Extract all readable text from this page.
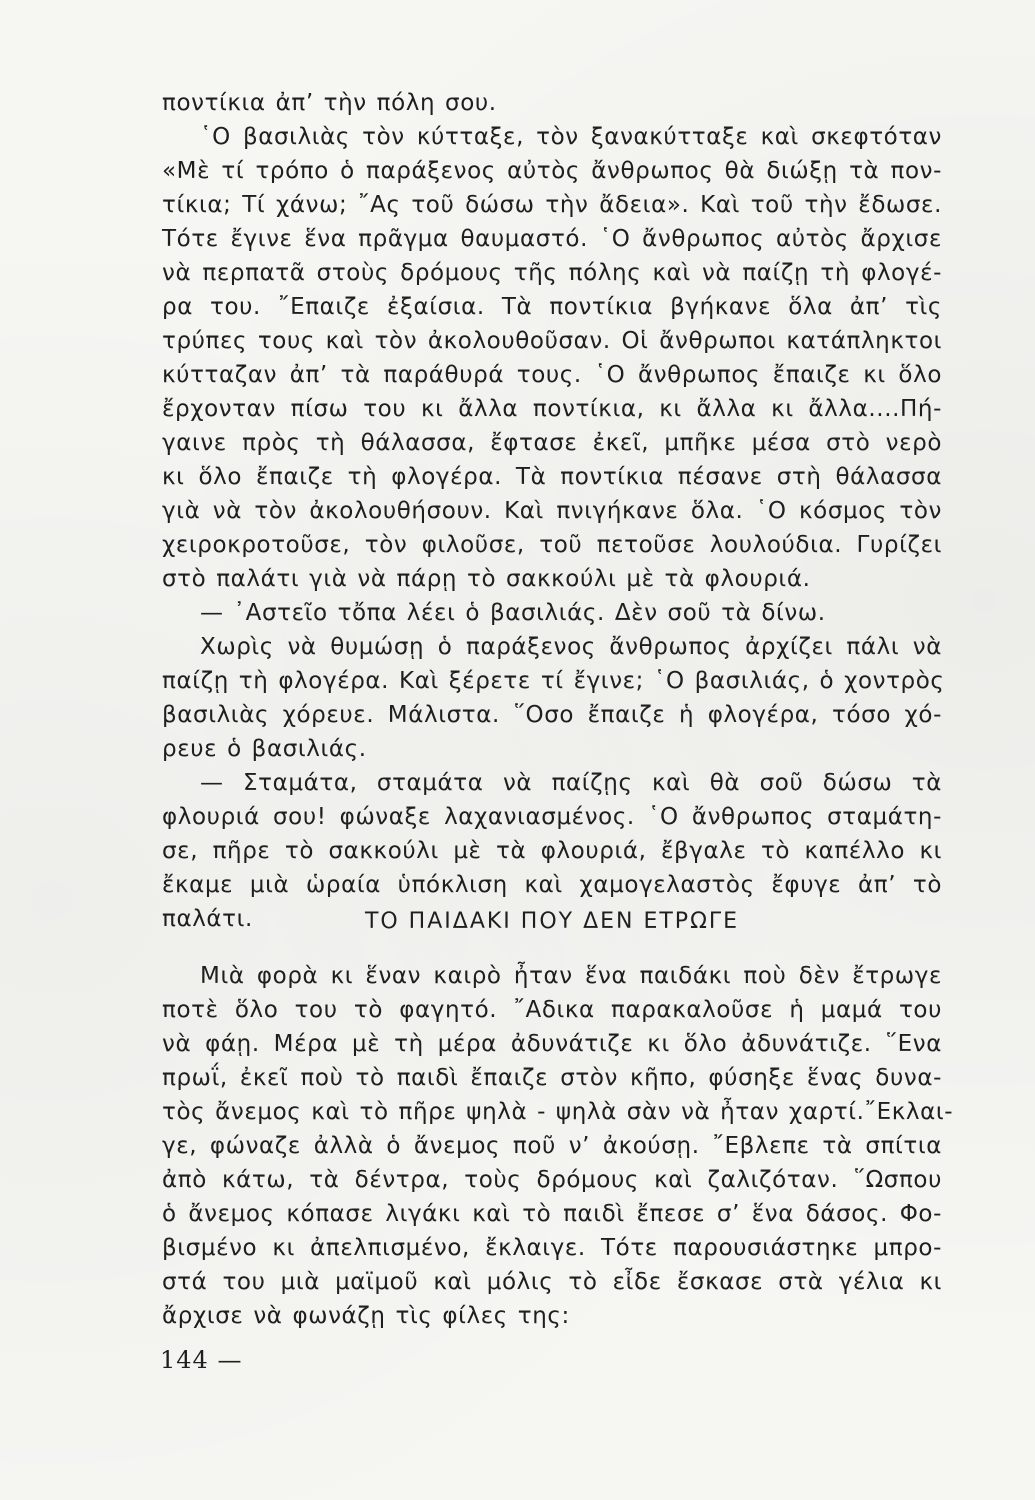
ποντίκια ἀπ’ τὴν πόλη σου.
῾Ο βασιλιὰς τὸν κύτταξε, τὸν ξανακύτταξε καὶ σκεφτόταν
«Μὲ τί τρόπο ὁ παράξενος αὐτὸς ἄνθρωπος θὰ διώξῃ τὰ πον-
τίκια; Τί χάνω; ῎Ας τοῦ δώσω τὴν ἄδεια». Καὶ τοῦ τὴν ἔδωσε.
Τότε ἔγινε ἕνα πρᾶγμα θαυμαστό. ῾Ο ἄνθρωπος αὐτὸς ἄρχισε
νὰ περπατᾶ στοὺς δρόμους τῆς πόλης καὶ νὰ παίζῃ τὴ φλογέ-
ρα του. ῎Επαιζε ἐξαίσια. Τὰ ποντίκια βγήκανε ὅλα ἀπ’ τὶς
τρύπες τους καὶ τὸν ἀκολουθοῦσαν. Οἱ ἄνθρωποι κατάπληκτοι
κύτταζαν ἀπ’ τὰ παράθυρά τους. ῾Ο ἄνθρωπος ἔπαιζε κι ὅλο
ἔρχονταν πίσω του κι ἄλλα ποντίκια, κι ἄλλα κι ἄλλα....Πή-
γαινε πρὸς τὴ θάλασσα, ἔφτασε ἐκεῖ, μπῆκε μέσα στὸ νερὸ
κι ὅλο ἔπαιζε τὴ φλογέρα. Τὰ ποντίκια πέσανε στὴ θάλασσα
γιὰ νὰ τὸν ἀκολουθήσουν. Καὶ πνιγήκανε ὅλα. ῾Ο κόσμος τὸν
χειροκροτοῦσε, τὸν φιλοῦσε, τοῦ πετοῦσε λουλούδια. Γυρίζει
στὸ παλάτι γιὰ νὰ πάρῃ τὸ σακκούλι μὲ τὰ φλουριά.
— ᾿Αστεῖο τὄπα λέει ὁ βασιλιάς. Δὲν σοῦ τὰ δίνω.
Χωρὶς νὰ θυμώσῃ ὁ παράξενος ἄνθρωπος ἀρχίζει πάλι νὰ
παίζῃ τὴ φλογέρα. Καὶ ξέρετε τί ἔγινε; ῾Ο βασιλιάς, ὁ χοντρὸς
βασιλιὰς χόρευε. Μάλιστα. ῞Οσο ἔπαιζε ἡ φλογέρα, τόσο χό-
ρευε ὁ βασιλιάς.
— Σταμάτα, σταμάτα νὰ παίζῃς καὶ θὰ σοῦ δώσω τὰ
φλουριά σου! φώναξε λαχανιασμένος. ῾Ο ἄνθρωπος σταμάτη-
σε, πῆρε τὸ σακκούλι μὲ τὰ φλουριά, ἔβγαλε τὸ καπέλλο κι
ἔκαμε μιὰ ὡραία ὑπόκλιση καὶ χαμογελαστὸς ἔφυγε ἀπ’ τὸ
παλάτι.	ΤΟ ΠΑΙΔΑΚΙ ΠΟΥ ΔΕΝ ΕΤΡΩΓΕ
Μιὰ φορὰ κι ἕναν καιρὸ ἦταν ἕνα παιδάκι ποὺ δὲν ἔτρωγε
ποτὲ ὅλο του τὸ φαγητό. ῎Αδικα παρακαλοῦσε ἡ μαμά του
νὰ φάῃ. Μέρα μὲ τὴ μέρα ἀδυνάτιζε κι ὅλο ἀδυνάτιζε. ῞Ενα
πρωΐ, ἐκεῖ ποὺ τὸ παιδὶ ἔπαιζε στὸν κῆπο, φύσηξε ἕνας δυνα-
τὸς ἄνεμος καὶ τὸ πῆρε ψηλὰ - ψηλὰ σὰν νὰ ἦταν χαρτί.῎Εκλαι-
γε, φώναζε ἀλλὰ ὁ ἄνεμος ποῦ ν’ ἀκούσῃ. ῎Εβλεπε τὰ σπίτια
ἀπὸ κάτω, τὰ δέντρα, τοὺς δρόμους καὶ ζαλιζόταν. ῞Ωσπου
ὁ ἄνεμος κόπασε λιγάκι καὶ τὸ παιδὶ ἔπεσε σ’ ἕνα δάσος. Φο-
βισμένο κι ἀπελπισμένο, ἔκλαιγε. Τότε παρουσιάστηκε μπρο-
στά του μιὰ μαϊμοῦ καὶ μόλις τὸ εἶδε ἔσκασε στὰ γέλια κι
ἄρχισε νὰ φωνάζῃ τὶς φίλες της:
144 —
